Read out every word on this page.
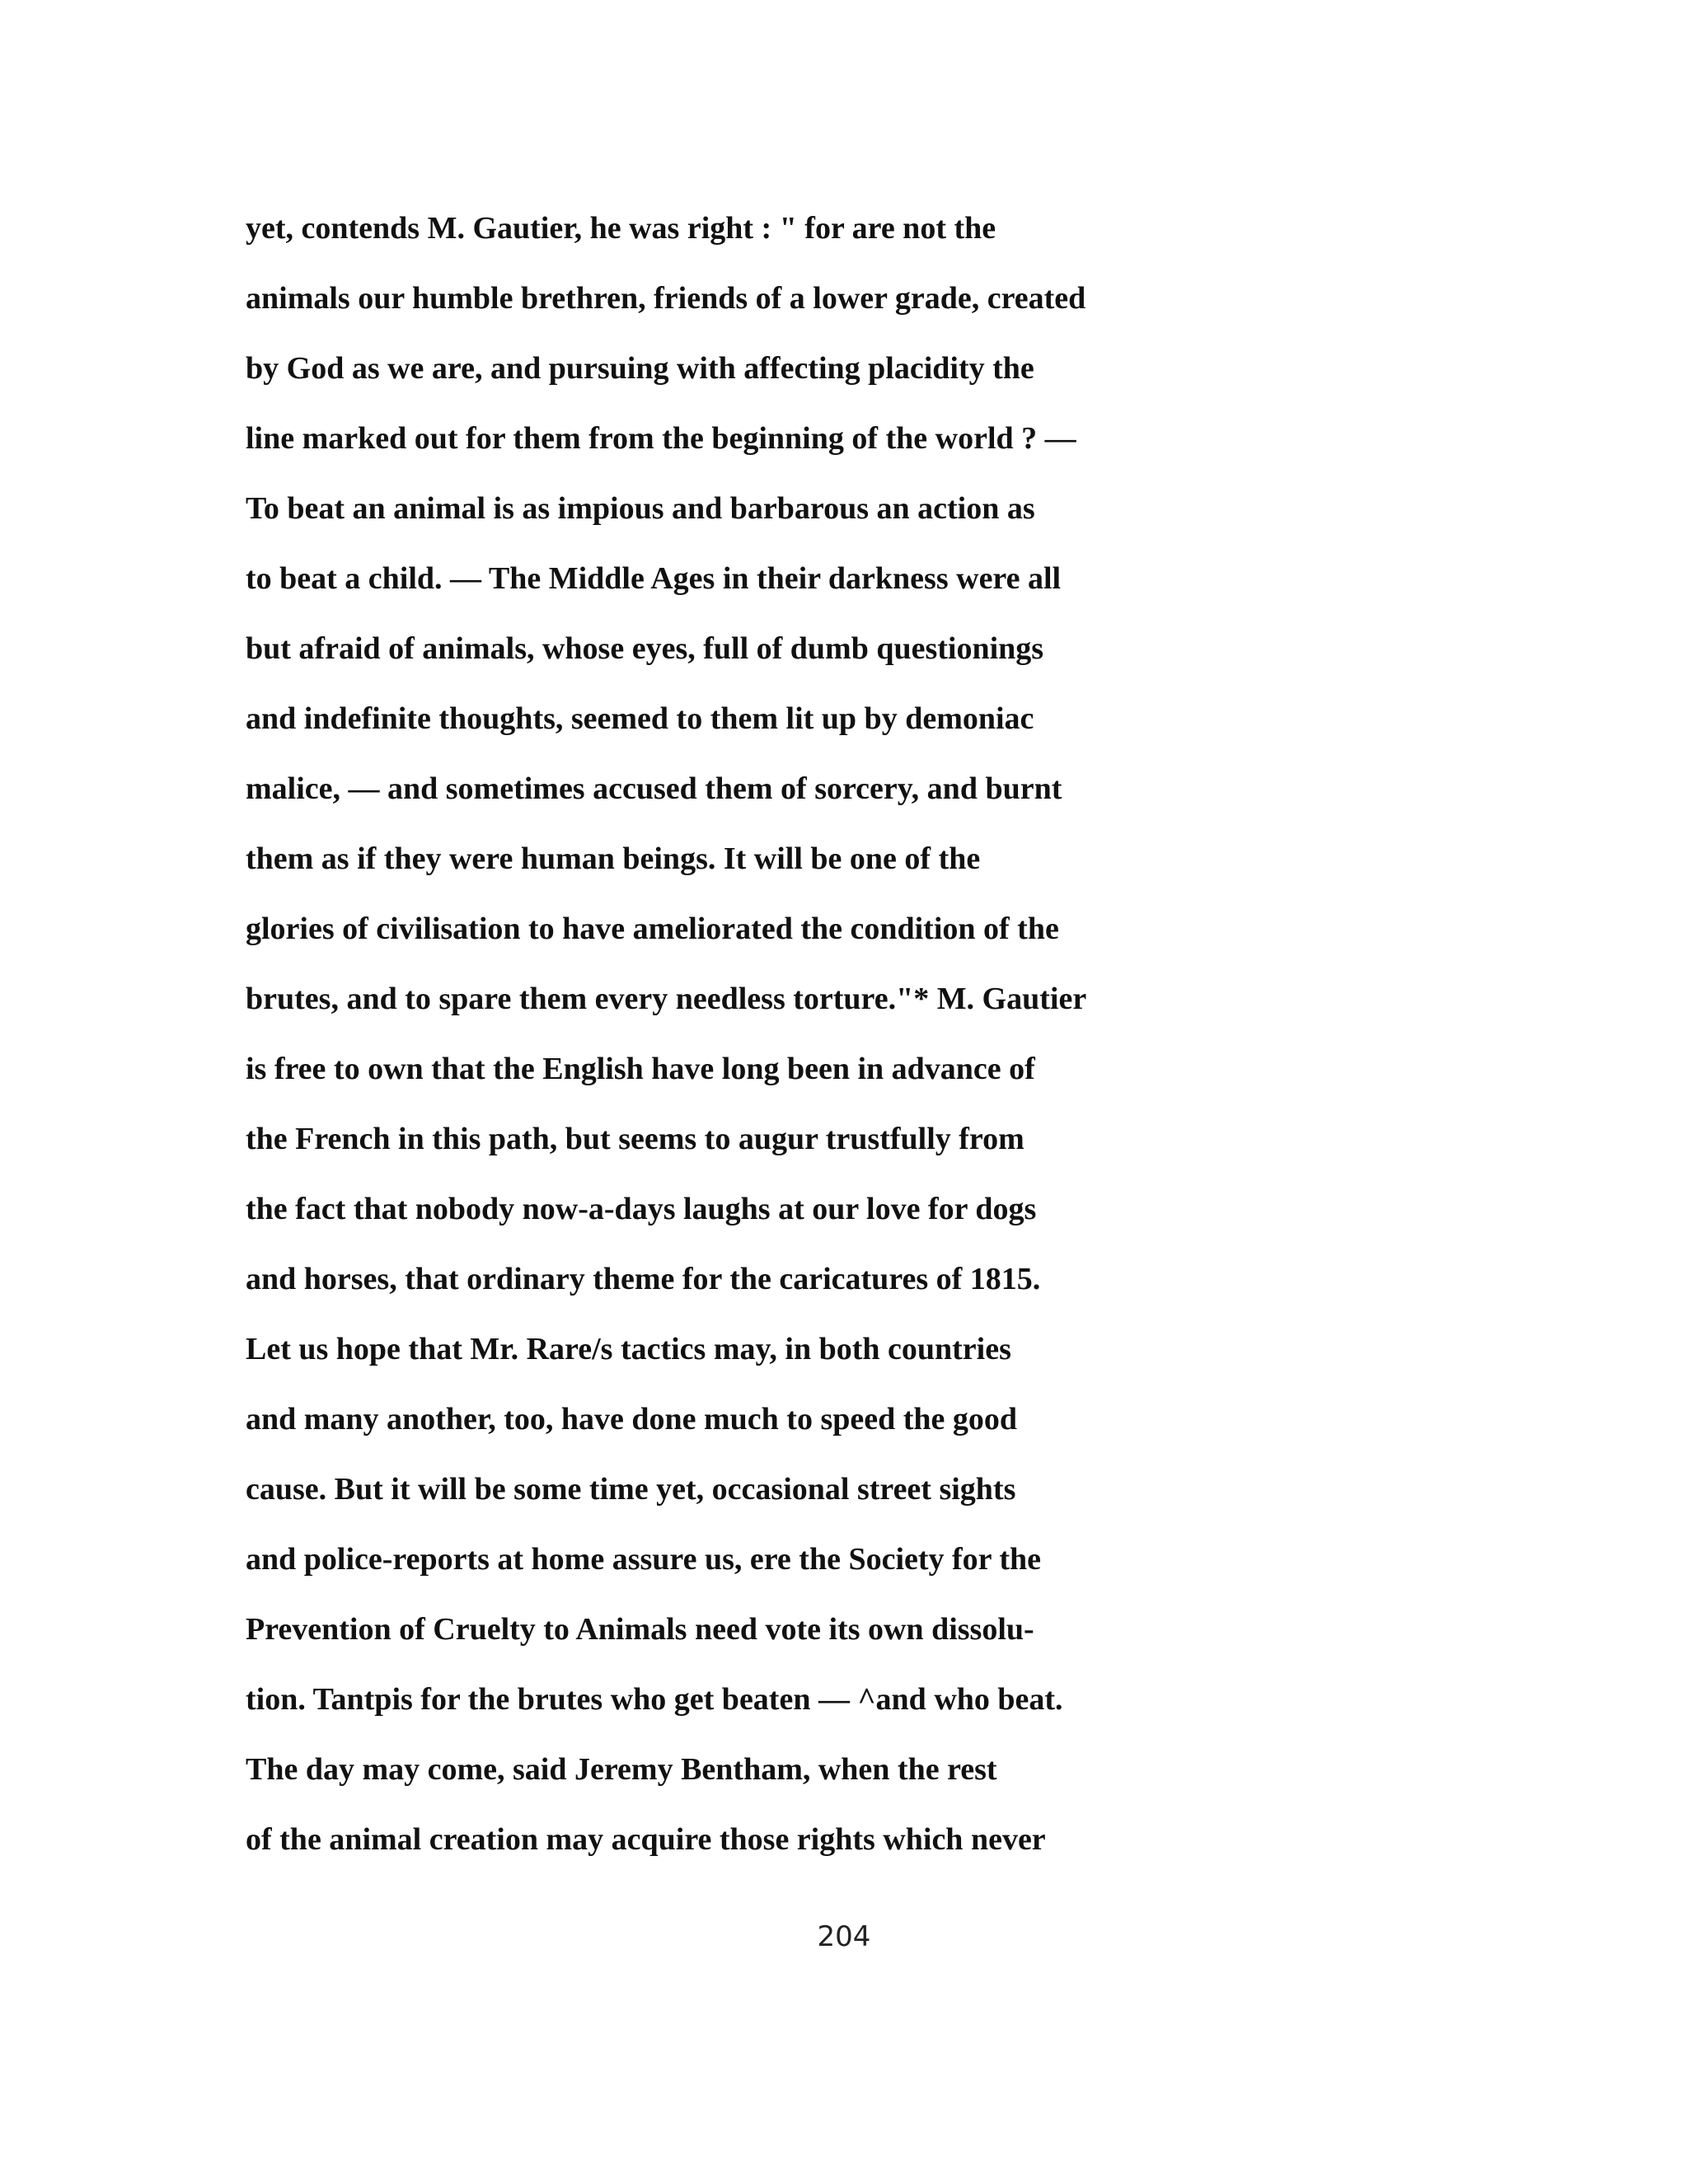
yet, contends M. Gautier, he was right : " for are not the

animals our humble brethren, friends of a lower grade, created

by God as we are, and pursuing with affecting placidity the

line marked out for them from the beginning of the world ? —

To beat an animal is as impious and barbarous an action as

to beat a child. — The Middle Ages in their darkness were all

but afraid of animals, whose eyes, full of dumb questionings

and indefinite thoughts, seemed to them lit up by demoniac

malice, — and sometimes accused them of sorcery, and burnt

them as if they were human beings. It will be one of the

glories of civilisation to have ameliorated the condition of the

brutes, and to spare them every needless torture."* M. Gautier

is free to own that the English have long been in advance of

the French in this path, but seems to augur trustfully from

the fact that nobody now-a-days laughs at our love for dogs

and horses, that ordinary theme for the caricatures of 1815.

Let us hope that Mr. Rare/s tactics may, in both countries

and many another, too, have done much to speed the good

cause. But it will be some time yet, occasional street sights

and police-reports at home assure us, ere the Society for the

Prevention of Cruelty to Animals need vote its own dissolu-

tion. Tantpis for the brutes who get beaten — ^and who beat.

The day may come, said Jeremy Bentham, when the rest

of the animal creation may acquire those rights which never

204
